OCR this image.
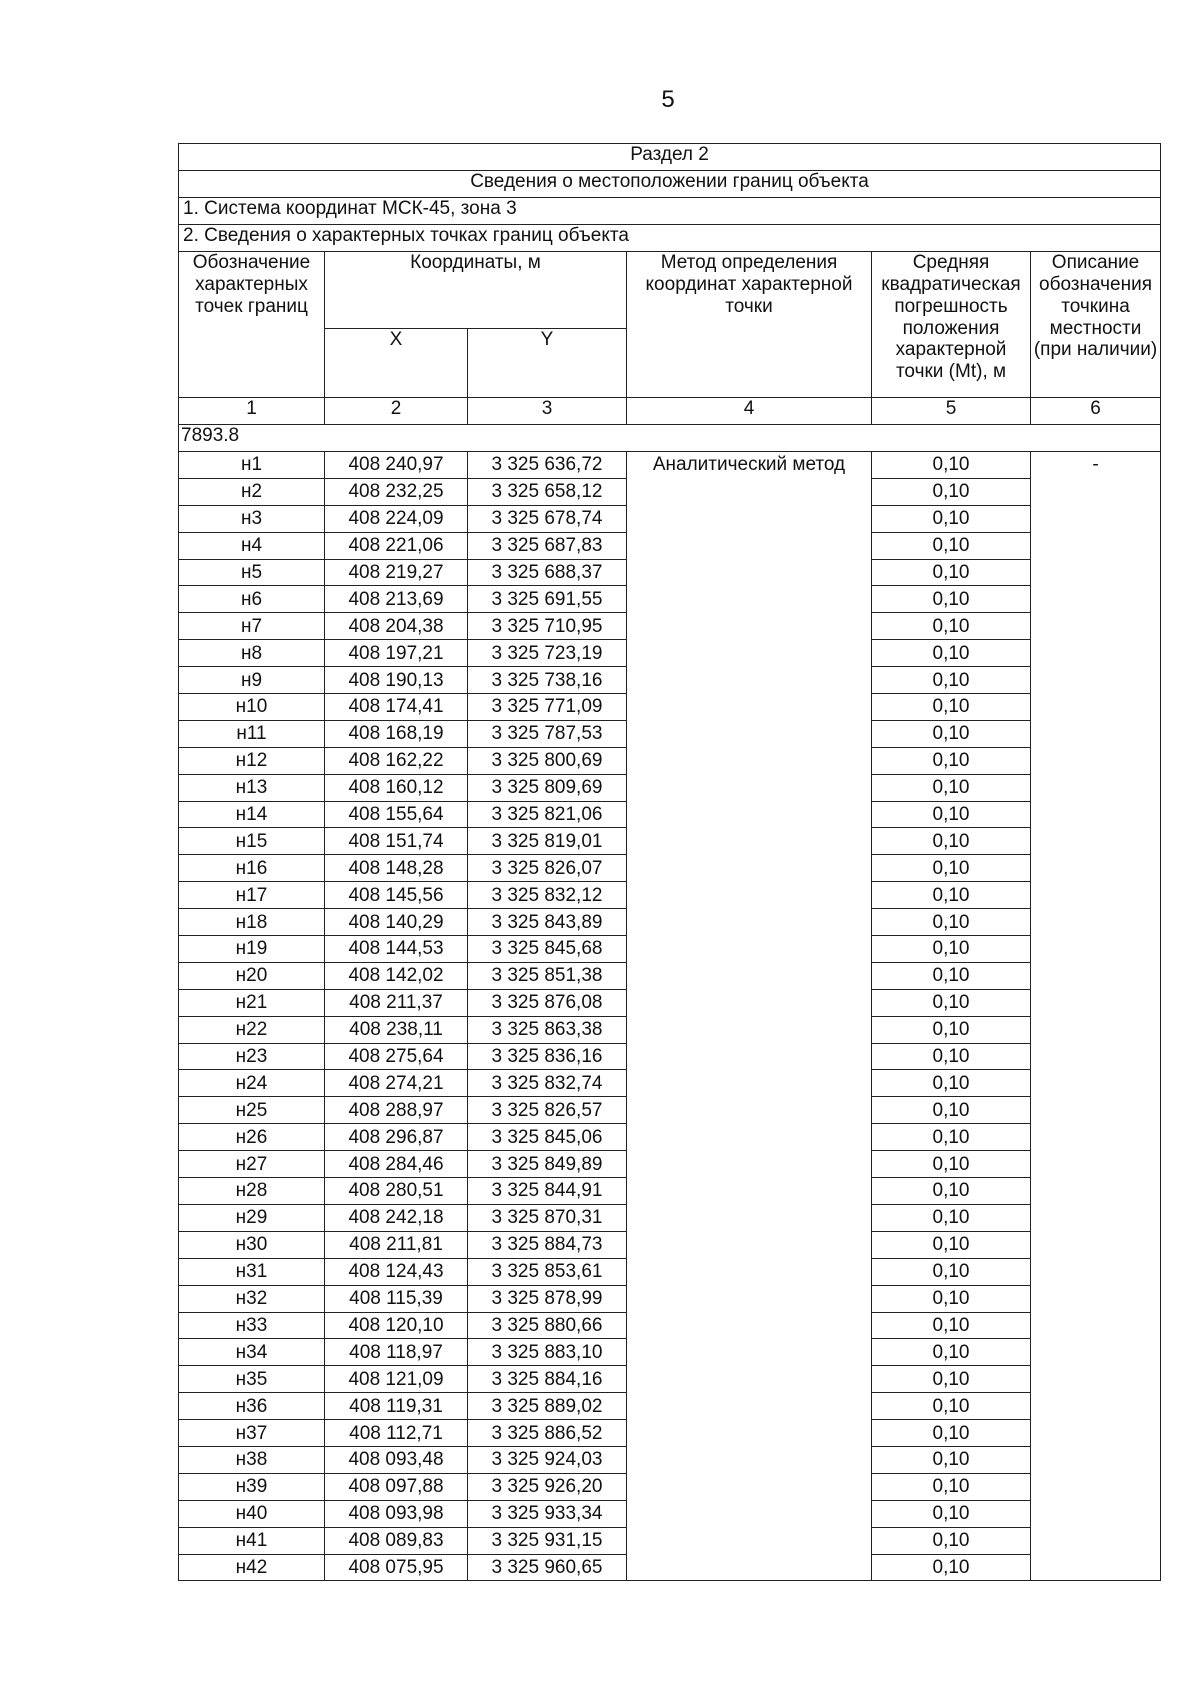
5
Раздел 2					
Сведения о местоположении границ объекта					
1. Система координат МСК-45, зона 3					
2. Сведения о характерных точках границ объекта					
Обозначение характерных точек границ	Координаты, м		Метод определения координат характерной точки	Средняя квадратическая погрешность положения характерной точки (Mt), м	Описание обозначения точкина местности (при наличии)
	X	Y			
1	2	3	4	5	6
7893.8					
н1	408 240,97	3 325 636,72	Аналитический метод	0,10	-
н2	408 232,25	3 325 658,12		0,10	
н3	408 224,09	3 325 678,74		0,10	
н4	408 221,06	3 325 687,83		0,10	
н5	408 219,27	3 325 688,37		0,10	
н6	408 213,69	3 325 691,55		0,10	
н7	408 204,38	3 325 710,95		0,10	
н8	408 197,21	3 325 723,19		0,10	
н9	408 190,13	3 325 738,16		0,10	
н10	408 174,41	3 325 771,09		0,10	
н11	408 168,19	3 325 787,53		0,10	
н12	408 162,22	3 325 800,69		0,10	
н13	408 160,12	3 325 809,69		0,10	
н14	408 155,64	3 325 821,06		0,10	
н15	408 151,74	3 325 819,01		0,10	
н16	408 148,28	3 325 826,07		0,10	
н17	408 145,56	3 325 832,12		0,10	
н18	408 140,29	3 325 843,89		0,10	
н19	408 144,53	3 325 845,68		0,10	
н20	408 142,02	3 325 851,38		0,10	
н21	408 211,37	3 325 876,08		0,10	
н22	408 238,11	3 325 863,38		0,10	
н23	408 275,64	3 325 836,16		0,10	
н24	408 274,21	3 325 832,74		0,10	
н25	408 288,97	3 325 826,57		0,10	
н26	408 296,87	3 325 845,06		0,10	
н27	408 284,46	3 325 849,89		0,10	
н28	408 280,51	3 325 844,91		0,10	
н29	408 242,18	3 325 870,31		0,10	
н30	408 211,81	3 325 884,73		0,10	
н31	408 124,43	3 325 853,61		0,10	
н32	408 115,39	3 325 878,99		0,10	
н33	408 120,10	3 325 880,66		0,10	
н34	408 118,97	3 325 883,10		0,10	
н35	408 121,09	3 325 884,16		0,10	
н36	408 119,31	3 325 889,02		0,10	
н37	408 112,71	3 325 886,52		0,10	
н38	408 093,48	3 325 924,03		0,10	
н39	408 097,88	3 325 926,20		0,10	
н40	408 093,98	3 325 933,34		0,10	
н41	408 089,83	3 325 931,15		0,10	
н42	408 075,95	3 325 960,65		0,10	
